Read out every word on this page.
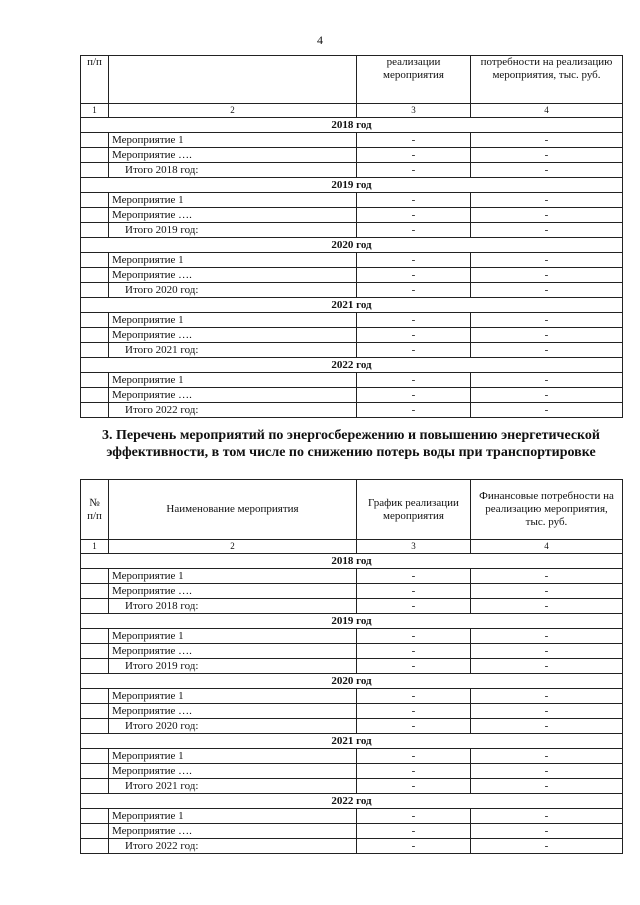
4
п/п		реализации мероприятия	потребности на реализацию мероприятия, тыс. руб.
1	2	3	4
2018 год			
	Мероприятие 1	-	-
	Мероприятие ….	-	-
	Итого 2018 год:	-	-
2019 год			
	Мероприятие 1	-	-
	Мероприятие ….	-	-
	Итого 2019 год:	-	-
2020 год			
	Мероприятие 1	-	-
	Мероприятие ….	-	-
	Итого 2020 год:	-	-
2021 год			
	Мероприятие 1	-	-
	Мероприятие ….	-	-
	Итого 2021 год:	-	-
2022 год			
	Мероприятие 1	-	-
	Мероприятие ….	-	-
	Итого 2022 год:	-	-
3. Перечень мероприятий по энергосбережению и повышению энергетической эффективности, в том числе по снижению потерь воды при транспортировке
№ п/п	Наименование мероприятия	График реализации мероприятия	Финансовые потребности на реализацию мероприятия, тыс. руб.
1	2	3	4
2018 год			
	Мероприятие 1	-	-
	Мероприятие ….	-	-
	Итого 2018 год:	-	-
2019 год			
	Мероприятие 1	-	-
	Мероприятие ….	-	-
	Итого 2019 год:	-	-
2020 год			
	Мероприятие 1	-	-
	Мероприятие ….	-	-
	Итого 2020 год:	-	-
2021 год			
	Мероприятие 1	-	-
	Мероприятие ….	-	-
	Итого 2021 год:	-	-
2022 год			
	Мероприятие 1	-	-
	Мероприятие ….	-	-
	Итого 2022 год:	-	-
